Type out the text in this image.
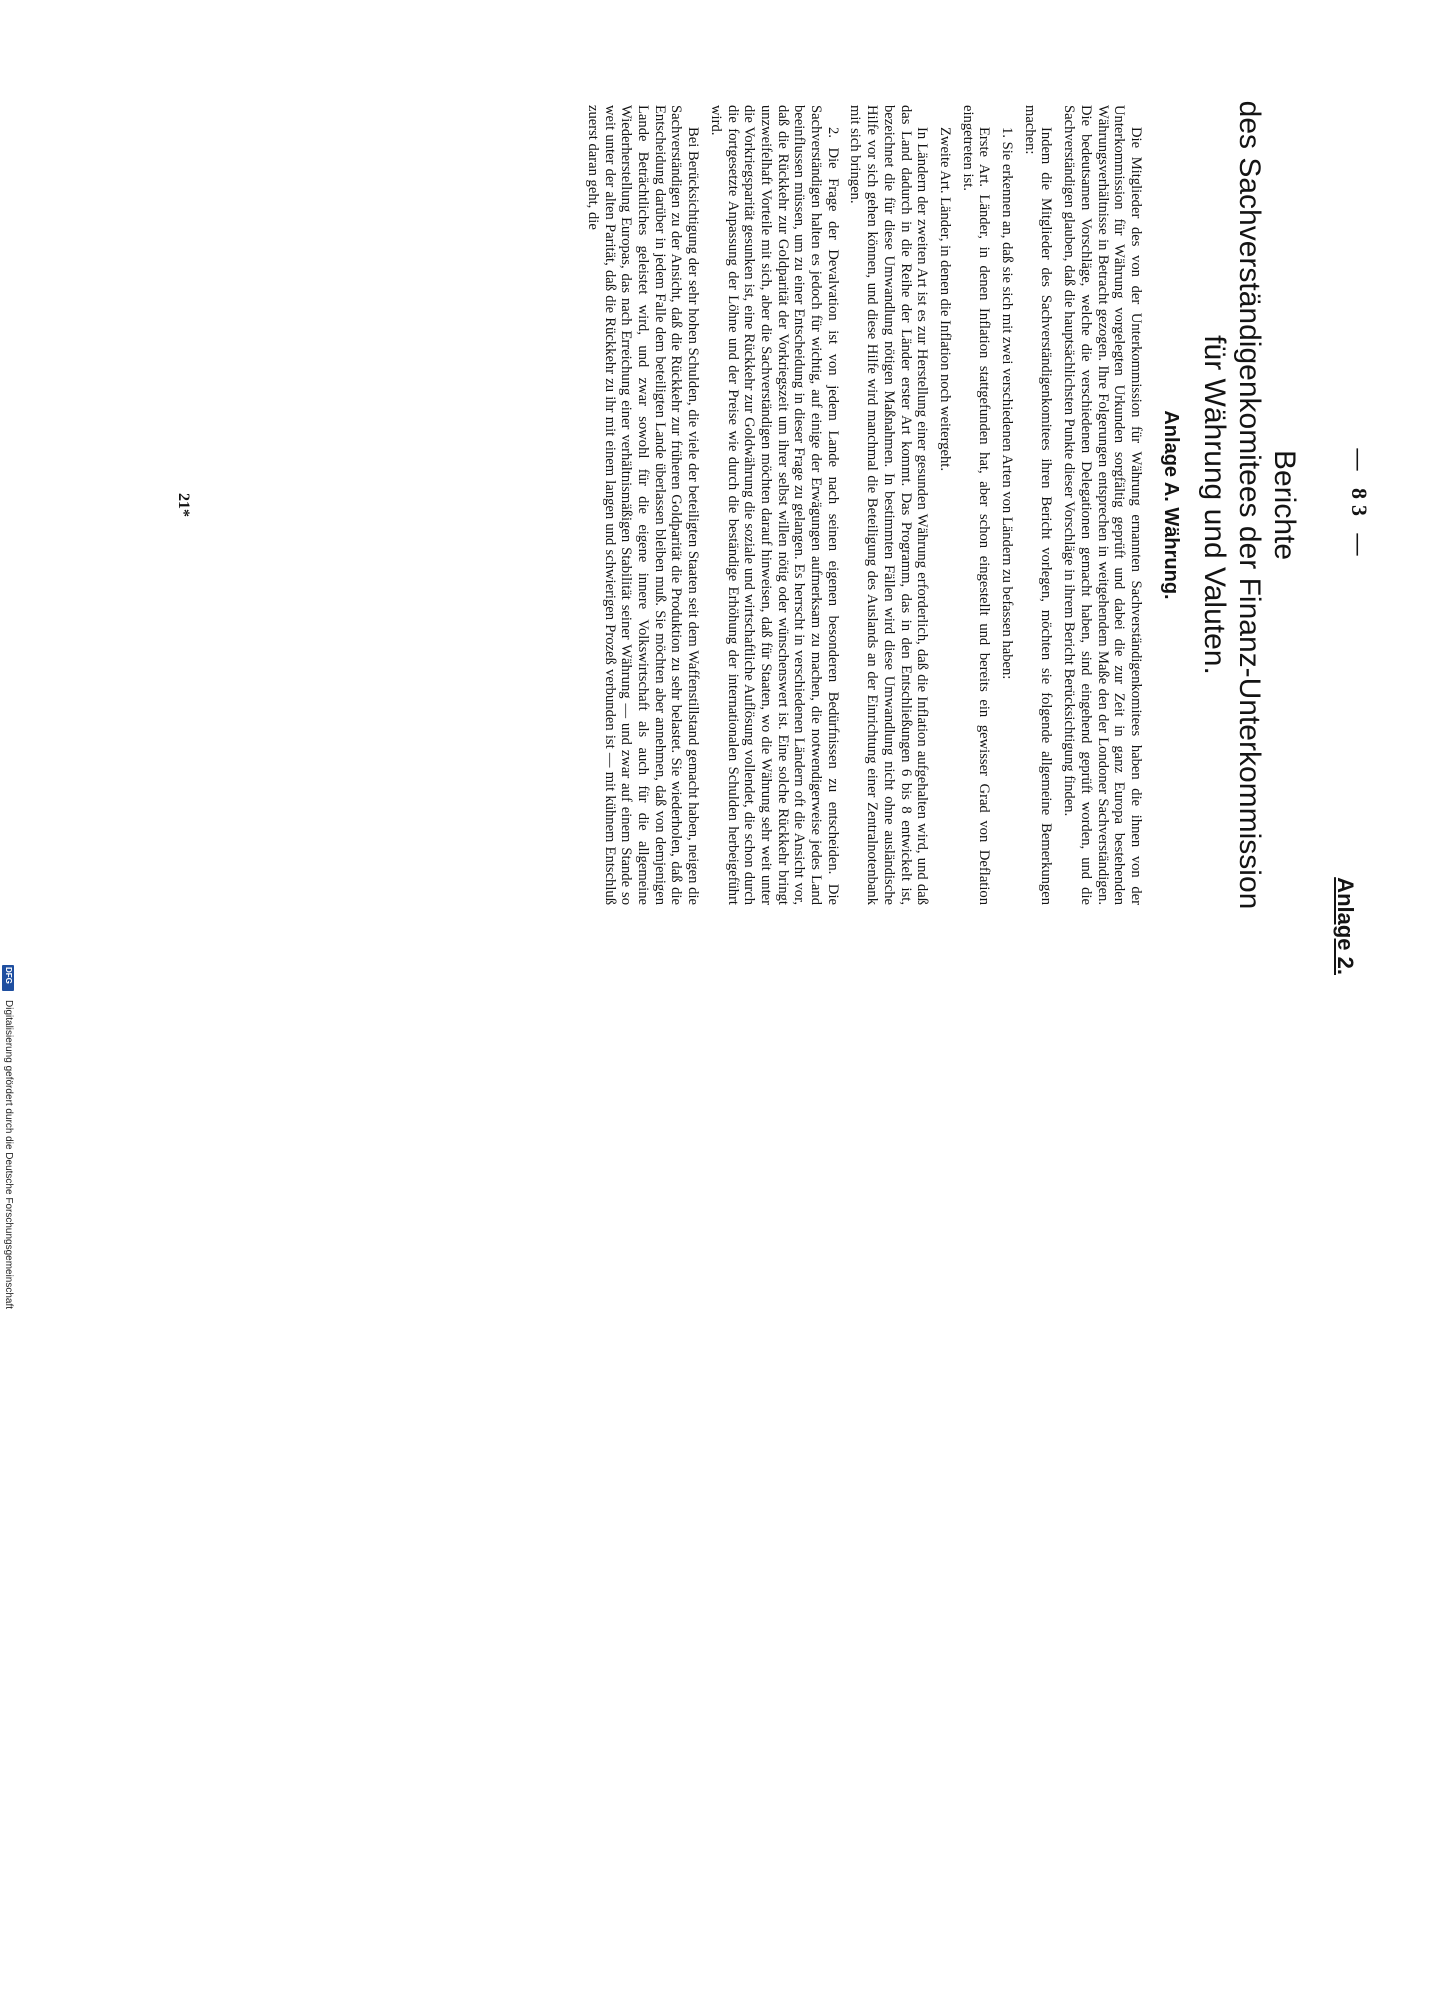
— 83 —
Anlage 2.
Berichte
des Sachverständigenkomitees der Finanz-Unterkommission
für Währung und Valuten.
Anlage A. Währung.

Die Mitglieder des von der Unterkommission für Währung ernannten Sachverständigenkomitees haben die ihnen von der Unterkommission für Währung vorgelegten Urkunden sorgfältig geprüft und dabei die zur Zeit in ganz Europa bestehenden Währungsverhältnisse in Betracht gezogen. Ihre Folgerungen entsprechen in weitgehendem Maße den der Londoner Sachverständigen. Die bedeutsamen Vorschläge, welche die verschiedenen Delegationen gemacht haben, sind eingehend geprüft worden, und die Sachverständigen glauben, daß die hauptsächlichsten Punkte dieser Vorschläge in ihrem Bericht Berücksichtigung finden.

Indem die Mitglieder des Sachverständigenkomitees ihren Bericht vorlegen, möchten sie folgende allgemeine Bemerkungen machen:

1. Sie erkennen an, daß sie sich mit zwei verschiedenen Arten von Ländern zu befassen haben:

Erste Art. Länder, in denen Inflation stattgefunden hat, aber schon eingestellt und bereits ein gewisser Grad von Deflation eingetreten ist.

Zweite Art. Länder, in denen die Inflation noch weitergeht.

In Ländern der zweiten Art ist es zur Herstellung einer gesunden Währung erforderlich, daß die Inflation aufgehalten wird, und daß das Land dadurch in die Reihe der Länder erster Art kommt. Das Programm, das in den Entschließungen 6 bis 8 entwickelt ist, bezeichnet die für diese Umwandlung nötigen Maßnahmen. In bestimmten Fällen wird diese Umwandlung nicht ohne ausländische Hilfe vor sich gehen können, und diese Hilfe wird manchmal die Beteiligung des Auslands an der Einrichtung einer Zentralnotenbank mit sich bringen.

2. Die Frage der Devalvation ist von jedem Lande nach seinen eigenen besonderen Bedürfnissen zu entscheiden. Die Sachverständigen halten es jedoch für wichtig, auf einige der Erwägungen aufmerksam zu machen, die notwendigerweise jedes Land beeinflussen müssen, um zu einer Entscheidung in dieser Frage zu gelangen. Es herrscht in verschiedenen Ländern oft die Ansicht vor, daß die Rückkehr zur Goldparität der Vorkriegszeit um ihrer selbst willen nötig oder wünschenswert ist. Eine solche Rückkehr bringt unzweifelhaft Vorteile mit sich, aber die Sachverständigen möchten darauf hinweisen, daß für Staaten, wo die Währung sehr weit unter die Vorkriegsparität gesunken ist, eine Rückkehr zur Goldwährung die soziale und wirtschaftliche Auflösung vollendet, die schon durch die fortgesetzte Anpassung der Löhne und der Preise wie durch die beständige Erhöhung der internationalen Schulden herbeigeführt wird.

Bei Berücksichtigung der sehr hohen Schulden, die viele der beteiligten Staaten seit dem Waffenstillstand gemacht haben, neigen die Sachverständigen zu der Ansicht, daß die Rückkehr zur früheren Goldparität die Produktion zu sehr belastet. Sie wiederholen, daß die Entscheidung darüber in jedem Falle dem beteiligten Lande überlassen bleiben muß. Sie möchten aber annehmen, daß von demjenigen Lande Beträchtliches geleistet wird, und zwar sowohl für die eigene innere Volkswirtschaft als auch für die allgemeine Wiederherstellung Europas, das nach Erreichung einer verhältnismäßigen Stabilität seiner Währung — und zwar auf einem Stande so weit unter der alten Parität, daß die Rückkehr zu ihr mit einem langen und schwierigen Prozeß verbunden ist — mit kühnem Entschluß zuerst daran geht, die

21*
Digitalisierung gefördert durch die Deutsche Forschungsgemeinschaft
DFG
